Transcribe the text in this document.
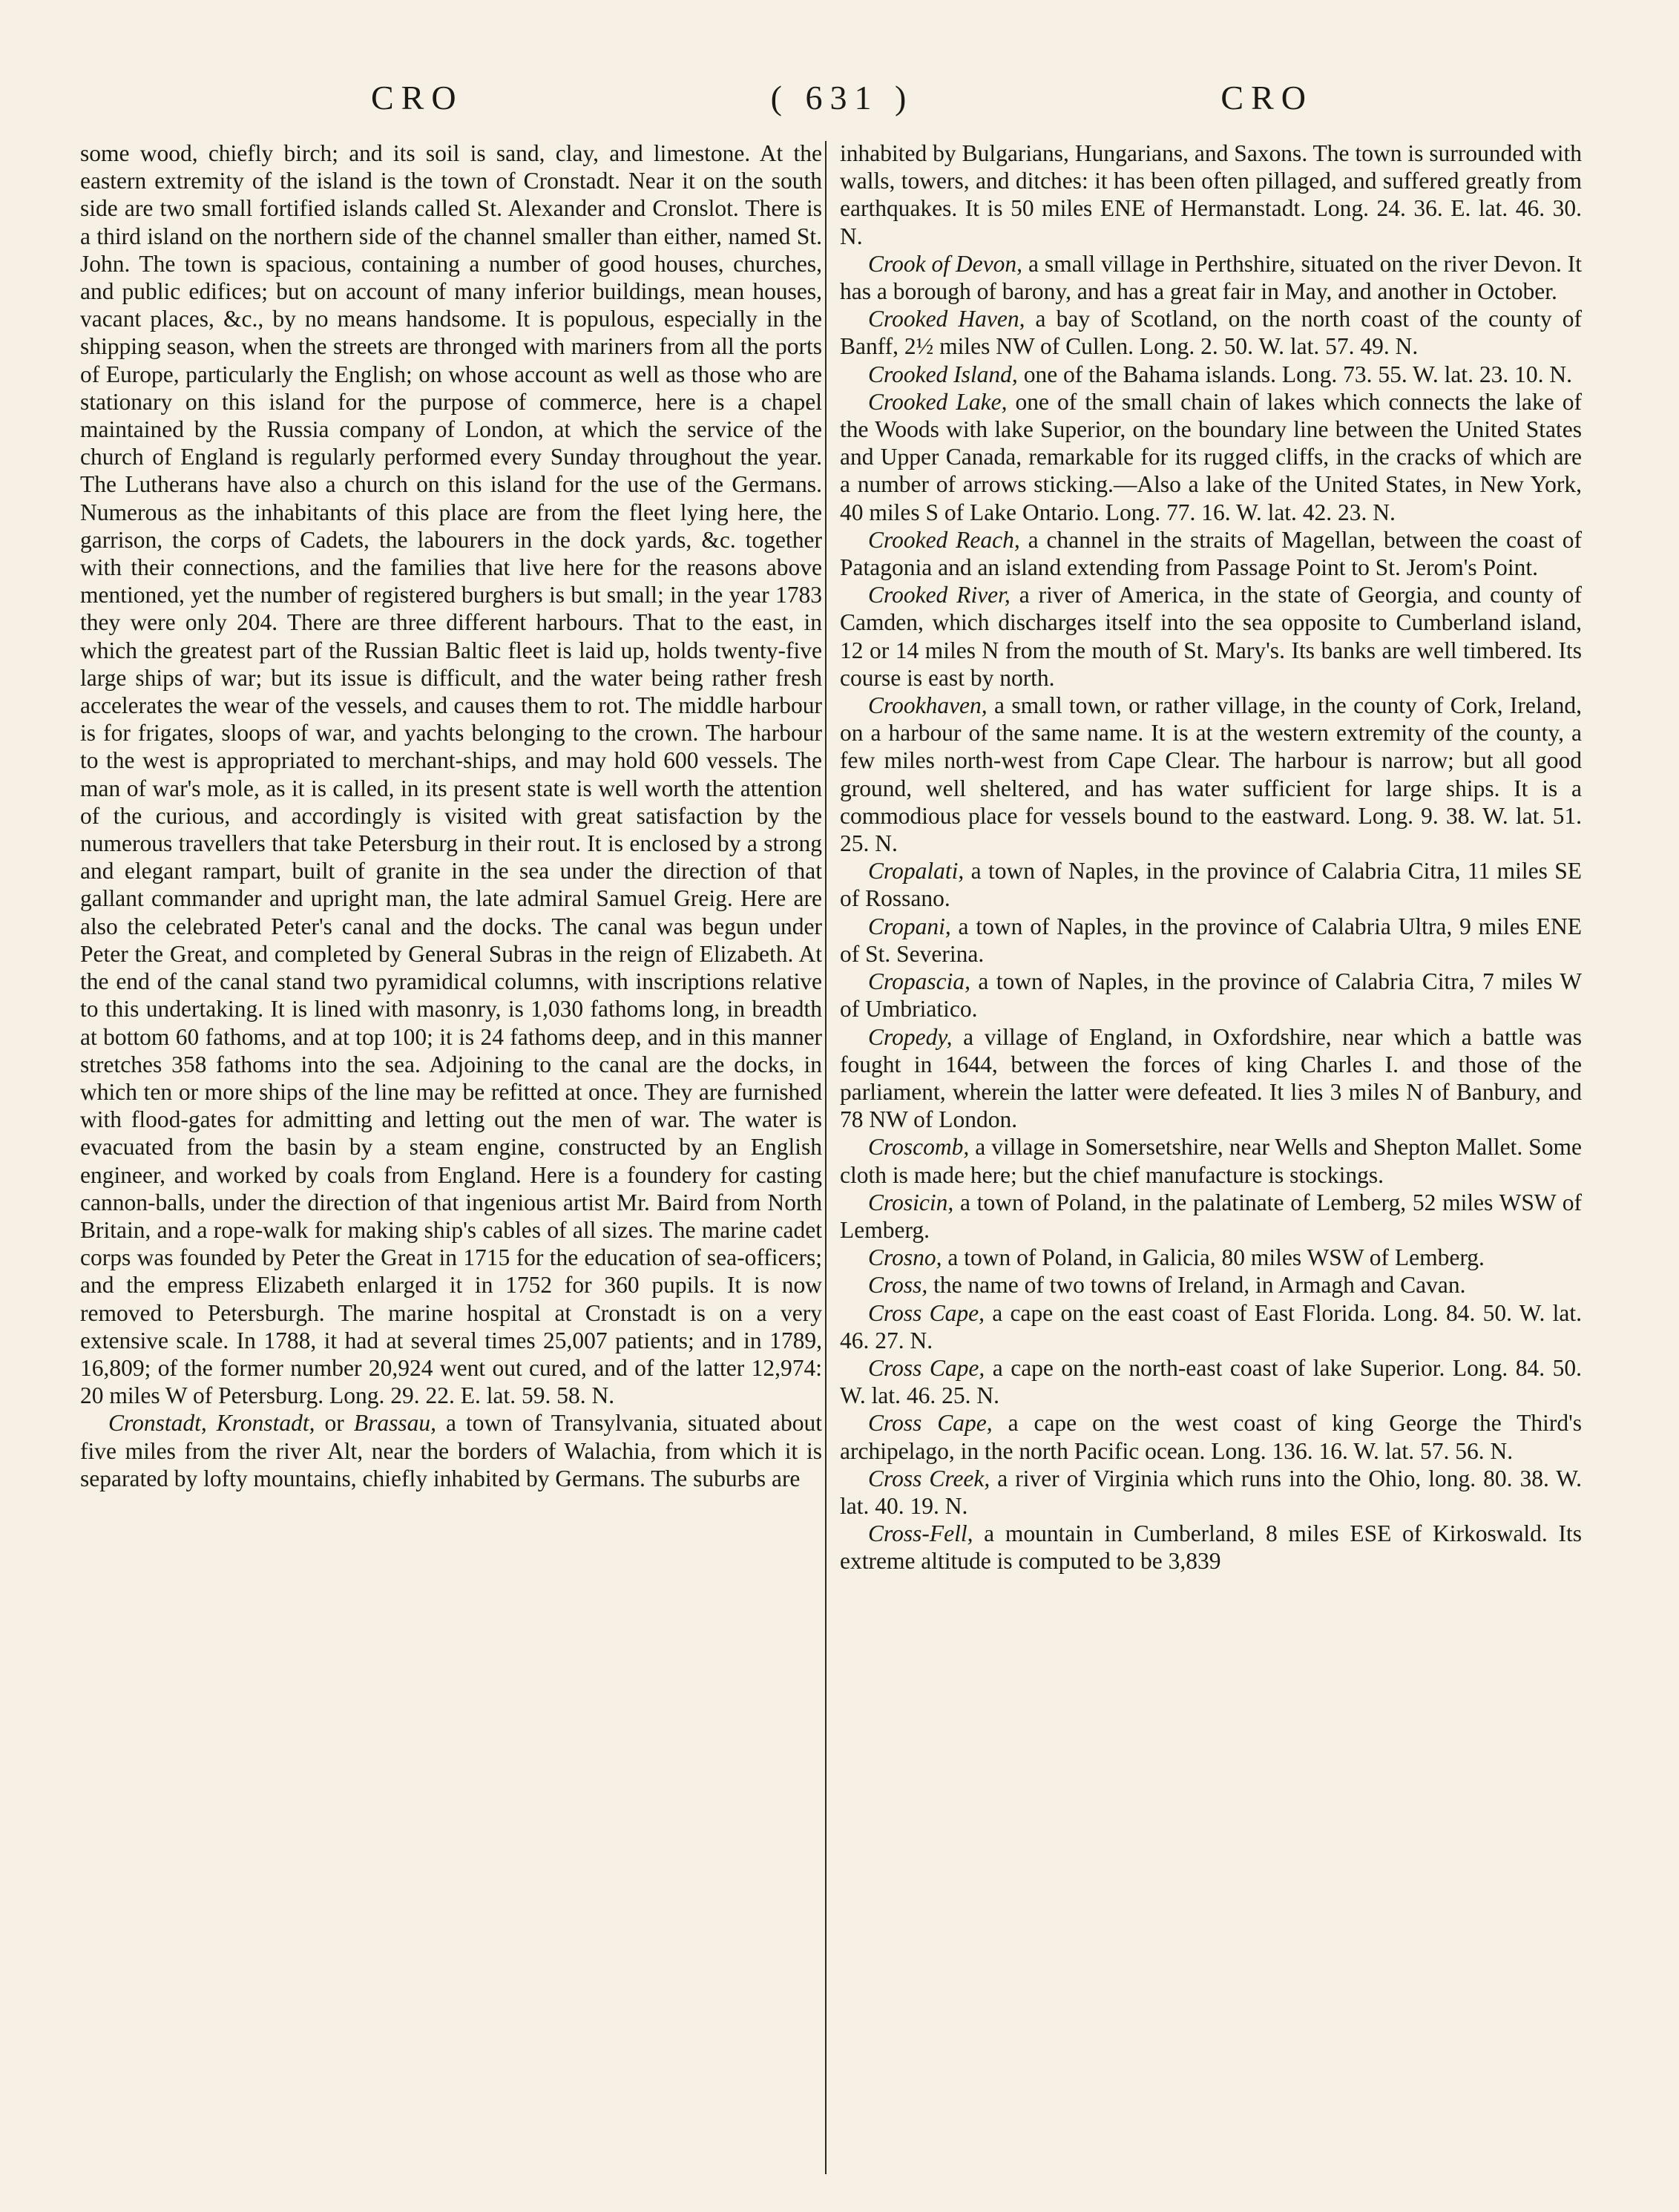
CRO	( 631 )	CRO

some wood, chiefly birch; and its soil is sand, clay, and limestone. At the eastern extremity of the island is the town of Cronstadt. Near it on the south side are two small fortified islands called St. Alexander and Cronslot. There is a third island on the northern side of the channel smaller than either, named St. John. The town is spacious, containing a number of good houses, churches, and public edifices; but on account of many inferior buildings, mean houses, vacant places, &c., by no means handsome. It is populous, especially in the shipping season, when the streets are thronged with mariners from all the ports of Europe, particularly the English; on whose account as well as those who are stationary on this island for the purpose of commerce, here is a chapel maintained by the Russia company of London, at which the service of the church of England is regularly performed every Sunday throughout the year. The Lutherans have also a church on this island for the use of the Germans. Numerous as the inhabitants of this place are from the fleet lying here, the garrison, the corps of Cadets, the labourers in the dock yards, &c. together with their connections, and the families that live here for the reasons above mentioned, yet the number of registered burghers is but small; in the year 1783 they were only 204. There are three different harbours. That to the east, in which the greatest part of the Russian Baltic fleet is laid up, holds twenty-five large ships of war; but its issue is difficult, and the water being rather fresh accelerates the wear of the vessels, and causes them to rot. The middle harbour is for frigates, sloops of war, and yachts belonging to the crown. The harbour to the west is appropriated to merchant-ships, and may hold 600 vessels. The man of war's mole, as it is called, in its present state is well worth the attention of the curious, and accordingly is visited with great satisfaction by the numerous travellers that take Petersburg in their rout. It is enclosed by a strong and elegant rampart, built of granite in the sea under the direction of that gallant commander and upright man, the late admiral Samuel Greig. Here are also the celebrated Peter's canal and the docks. The canal was begun under Peter the Great, and completed by General Subras in the reign of Elizabeth. At the end of the canal stand two pyramidical columns, with inscriptions relative to this undertaking. It is lined with masonry, is 1,030 fathoms long, in breadth at bottom 60 fathoms, and at top 100; it is 24 fathoms deep, and in this manner stretches 358 fathoms into the sea. Adjoining to the canal are the docks, in which ten or more ships of the line may be refitted at once. They are furnished with flood-gates for admitting and letting out the men of war. The water is evacuated from the basin by a steam engine, constructed by an English engineer, and worked by coals from England. Here is a foundery for casting cannon-balls, under the direction of that ingenious artist Mr. Baird from North Britain, and a rope-walk for making ship's cables of all sizes. The marine cadet corps was founded by Peter the Great in 1715 for the education of sea-officers; and the empress Elizabeth enlarged it in 1752 for 360 pupils. It is now removed to Petersburgh. The marine hospital at Cronstadt is on a very extensive scale. In 1788, it had at several times 25,007 patients; and in 1789, 16,809; of the former number 20,924 went out cured, and of the latter 12,974: 20 miles W of Petersburg. Long. 29. 22. E. lat. 59. 58. N.

Cronstadt, Kronstadt, or Brassau, a town of Transylvania, situated about five miles from the river Alt, near the borders of Walachia, from which it is separated by lofty mountains, chiefly inhabited by Germans. The suburbs are

inhabited by Bulgarians, Hungarians, and Saxons. The town is surrounded with walls, towers, and ditches: it has been often pillaged, and suffered greatly from earthquakes. It is 50 miles ENE of Hermanstadt. Long. 24. 36. E. lat. 46. 30. N.

Crook of Devon, a small village in Perthshire, situated on the river Devon. It has a borough of barony, and has a great fair in May, and another in October.

Crooked Haven, a bay of Scotland, on the north coast of the county of Banff, 2½ miles NW of Cullen. Long. 2. 50. W. lat. 57. 49. N.

Crooked Island, one of the Bahama islands. Long. 73. 55. W. lat. 23. 10. N.

Crooked Lake, one of the small chain of lakes which connects the lake of the Woods with lake Superior, on the boundary line between the United States and Upper Canada, remarkable for its rugged cliffs, in the cracks of which are a number of arrows sticking.—Also a lake of the United States, in New York, 40 miles S of Lake Ontario. Long. 77. 16. W. lat. 42. 23. N.

Crooked Reach, a channel in the straits of Magellan, between the coast of Patagonia and an island extending from Passage Point to St. Jerom's Point.

Crooked River, a river of America, in the state of Georgia, and county of Camden, which discharges itself into the sea opposite to Cumberland island, 12 or 14 miles N from the mouth of St. Mary's. Its banks are well timbered. Its course is east by north.

Crookhaven, a small town, or rather village, in the county of Cork, Ireland, on a harbour of the same name. It is at the western extremity of the county, a few miles north-west from Cape Clear. The harbour is narrow; but all good ground, well sheltered, and has water sufficient for large ships. It is a commodious place for vessels bound to the eastward. Long. 9. 38. W. lat. 51. 25. N.

Cropalati, a town of Naples, in the province of Calabria Citra, 11 miles SE of Rossano.

Cropani, a town of Naples, in the province of Calabria Ultra, 9 miles ENE of St. Severina.

Cropascia, a town of Naples, in the province of Calabria Citra, 7 miles W of Umbriatico.

Cropedy, a village of England, in Oxfordshire, near which a battle was fought in 1644, between the forces of king Charles I. and those of the parliament, wherein the latter were defeated. It lies 3 miles N of Banbury, and 78 NW of London.

Croscomb, a village in Somersetshire, near Wells and Shepton Mallet. Some cloth is made here; but the chief manufacture is stockings.

Crosicin, a town of Poland, in the palatinate of Lemberg, 52 miles WSW of Lemberg.

Crosno, a town of Poland, in Galicia, 80 miles WSW of Lemberg.

Cross, the name of two towns of Ireland, in Armagh and Cavan.

Cross Cape, a cape on the east coast of East Florida. Long. 84. 50. W. lat. 46. 27. N.

Cross Cape, a cape on the north-east coast of lake Superior. Long. 84. 50. W. lat. 46. 25. N.

Cross Cape, a cape on the west coast of king George the Third's archipelago, in the north Pacific ocean. Long. 136. 16. W. lat. 57. 56. N.

Cross Creek, a river of Virginia which runs into the Ohio, long. 80. 38. W. lat. 40. 19. N.

Cross-Fell, a mountain in Cumberland, 8 miles ESE of Kirkoswald. Its extreme altitude is computed to be 3,839
